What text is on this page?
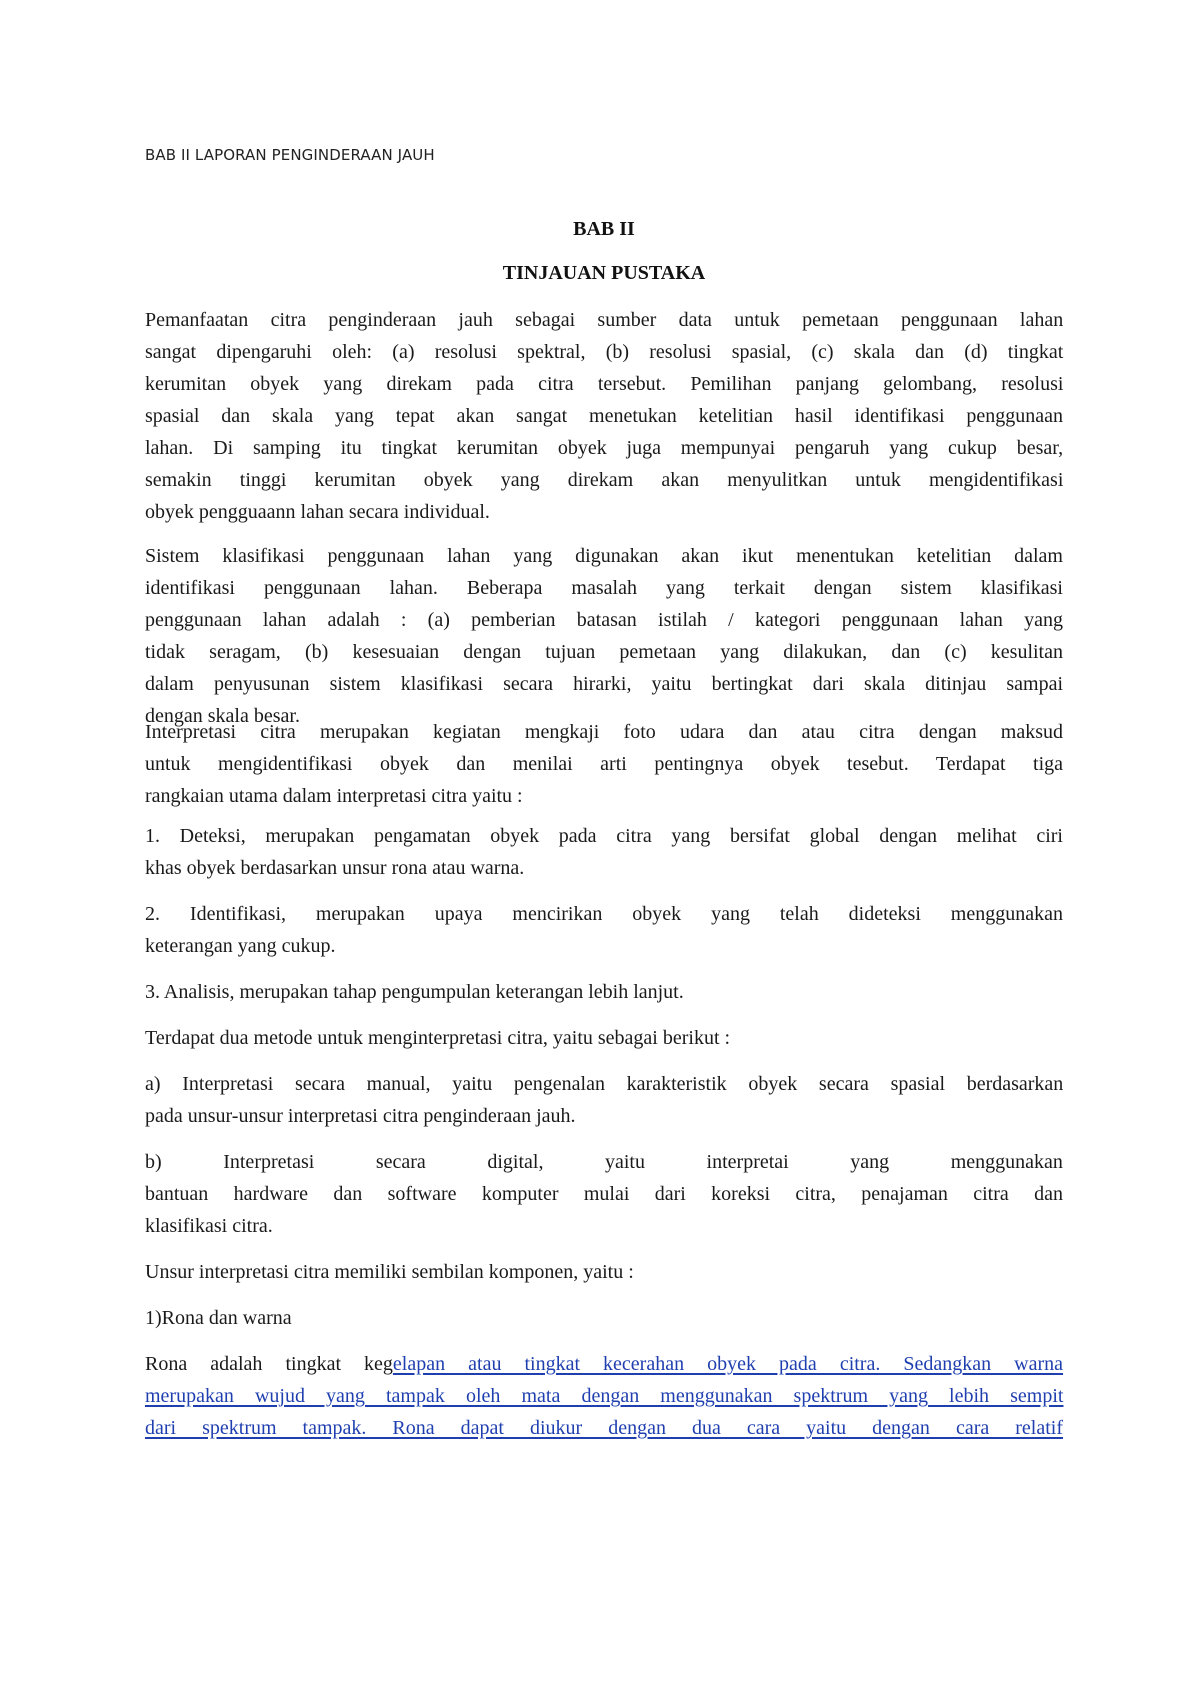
BAB II LAPORAN PENGINDERAAN JAUH
BAB II
TINJAUAN PUSTAKA
Pemanfaatan citra penginderaan jauh sebagai sumber data untuk pemetaan penggunaan lahan
sangat dipengaruhi oleh: (a) resolusi spektral, (b) resolusi spasial, (c) skala dan (d) tingkat
kerumitan obyek yang direkam pada citra tersebut. Pemilihan panjang gelombang, resolusi
spasial dan skala yang tepat akan sangat menetukan ketelitian hasil identifikasi penggunaan
lahan. Di samping itu tingkat kerumitan obyek juga mempunyai pengaruh yang cukup besar,
semakin tinggi kerumitan obyek yang direkam akan menyulitkan untuk mengidentifikasi
obyek pengguaann lahan secara individual.
Sistem klasifikasi penggunaan lahan yang digunakan akan ikut menentukan ketelitian dalam
identifikasi penggunaan lahan. Beberapa masalah yang terkait dengan sistem klasifikasi
penggunaan lahan adalah : (a) pemberian batasan istilah / kategori penggunaan lahan yang
tidak seragam, (b) kesesuaian dengan tujuan pemetaan yang dilakukan, dan (c) kesulitan
dalam penyusunan sistem klasifikasi secara hirarki, yaitu bertingkat dari skala ditinjau sampai
dengan skala besar.
Interpretasi citra merupakan kegiatan mengkaji foto udara dan atau citra dengan maksud
untuk mengidentifikasi obyek dan menilai arti pentingnya obyek tesebut. Terdapat tiga
rangkaian utama dalam interpretasi citra yaitu :
1. Deteksi, merupakan pengamatan obyek pada citra yang bersifat global dengan melihat ciri
khas obyek berdasarkan unsur rona atau warna.
2. Identifikasi, merupakan upaya mencirikan obyek yang telah dideteksi menggunakan
keterangan yang cukup.
3. Analisis, merupakan tahap pengumpulan keterangan lebih lanjut.
Terdapat dua metode untuk menginterpretasi citra, yaitu sebagai berikut :
a) Interpretasi secara manual, yaitu pengenalan karakteristik obyek secara spasial berdasarkan
pada unsur-unsur interpretasi citra penginderaan jauh.
b)	Interpretasi	secara	digital,	yaitu	interpretai	yang	menggunakan
bantuan hardware dan software komputer mulai dari koreksi citra, penajaman citra dan
klasifikasi citra.
Unsur interpretasi citra memiliki sembilan komponen, yaitu :
1)Rona dan warna
Rona adalah tingkat kegelapan atau tingkat kecerahan obyek pada citra. Sedangkan warna
merupakan wujud yang tampak oleh mata dengan menggunakan spektrum yang lebih sempit
dari spektrum tampak. Rona dapat diukur dengan dua cara yaitu dengan cara relatif
